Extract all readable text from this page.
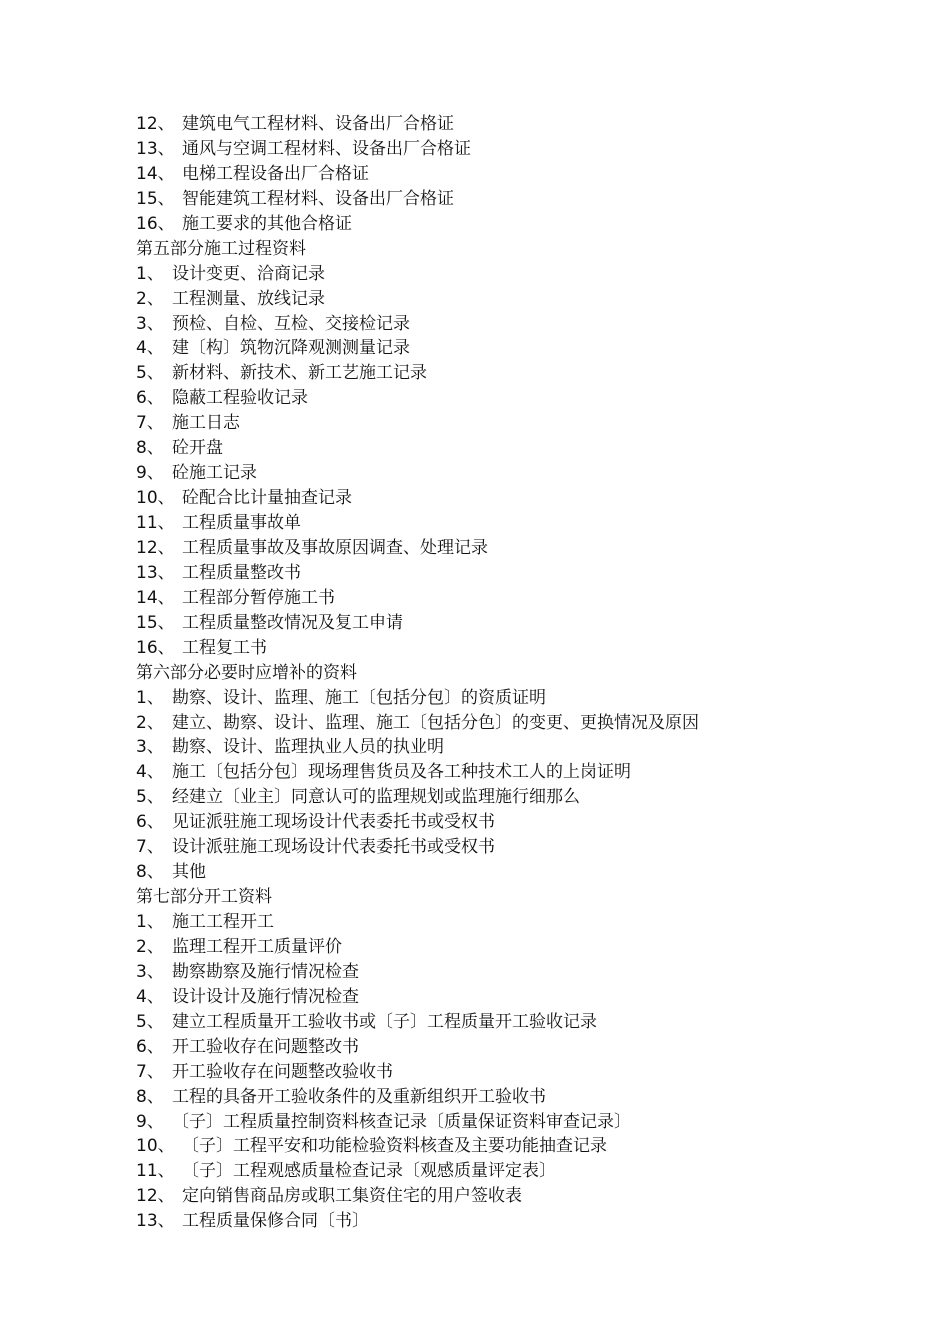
12、 建筑电气工程材料、设备出厂合格证
13、 通风与空调工程材料、设备出厂合格证
14、 电梯工程设备出厂合格证
15、 智能建筑工程材料、设备出厂合格证
16、 施工要求的其他合格证
第五部分施工过程资料
1、 设计变更、洽商记录
2、 工程测量、放线记录
3、 预检、自检、互检、交接检记录
4、 建〔构〕筑物沉降观测测量记录
5、 新材料、新技术、新工艺施工记录
6、 隐蔽工程验收记录
7、 施工日志
8、 砼开盘
9、 砼施工记录
10、 砼配合比计量抽查记录
11、 工程质量事故单
12、 工程质量事故及事故原因调查、处理记录
13、 工程质量整改书
14、 工程部分暂停施工书
15、 工程质量整改情况及复工申请
16、 工程复工书
第六部分必要时应增补的资料
1、 勘察、设计、监理、施工〔包括分包〕的资质证明
2、 建立、勘察、设计、监理、施工〔包括分色〕的变更、更换情况及原因
3、 勘察、设计、监理执业人员的执业明
4、 施工〔包括分包〕现场理售货员及各工种技术工人的上岗证明
5、 经建立〔业主〕同意认可的监理规划或监理施行细那么
6、 见证派驻施工现场设计代表委托书或受权书
7、 设计派驻施工现场设计代表委托书或受权书
8、 其他
第七部分开工资料
1、 施工工程开工
2、 监理工程开工质量评价
3、 勘察勘察及施行情况检查
4、 设计设计及施行情况检查
5、 建立工程质量开工验收书或〔子〕工程质量开工验收记录
6、 开工验收存在问题整改书
7、 开工验收存在问题整改验收书
8、 工程的具备开工验收条件的及重新组织开工验收书
9、 〔子〕工程质量控制资料核查记录〔质量保证资料审查记录〕
10、 〔子〕工程平安和功能检验资料核查及主要功能抽查记录
11、 〔子〕工程观感质量检查记录〔观感质量评定表〕
12、 定向销售商品房或职工集资住宅的用户签收表
13、 工程质量保修合同〔书〕
